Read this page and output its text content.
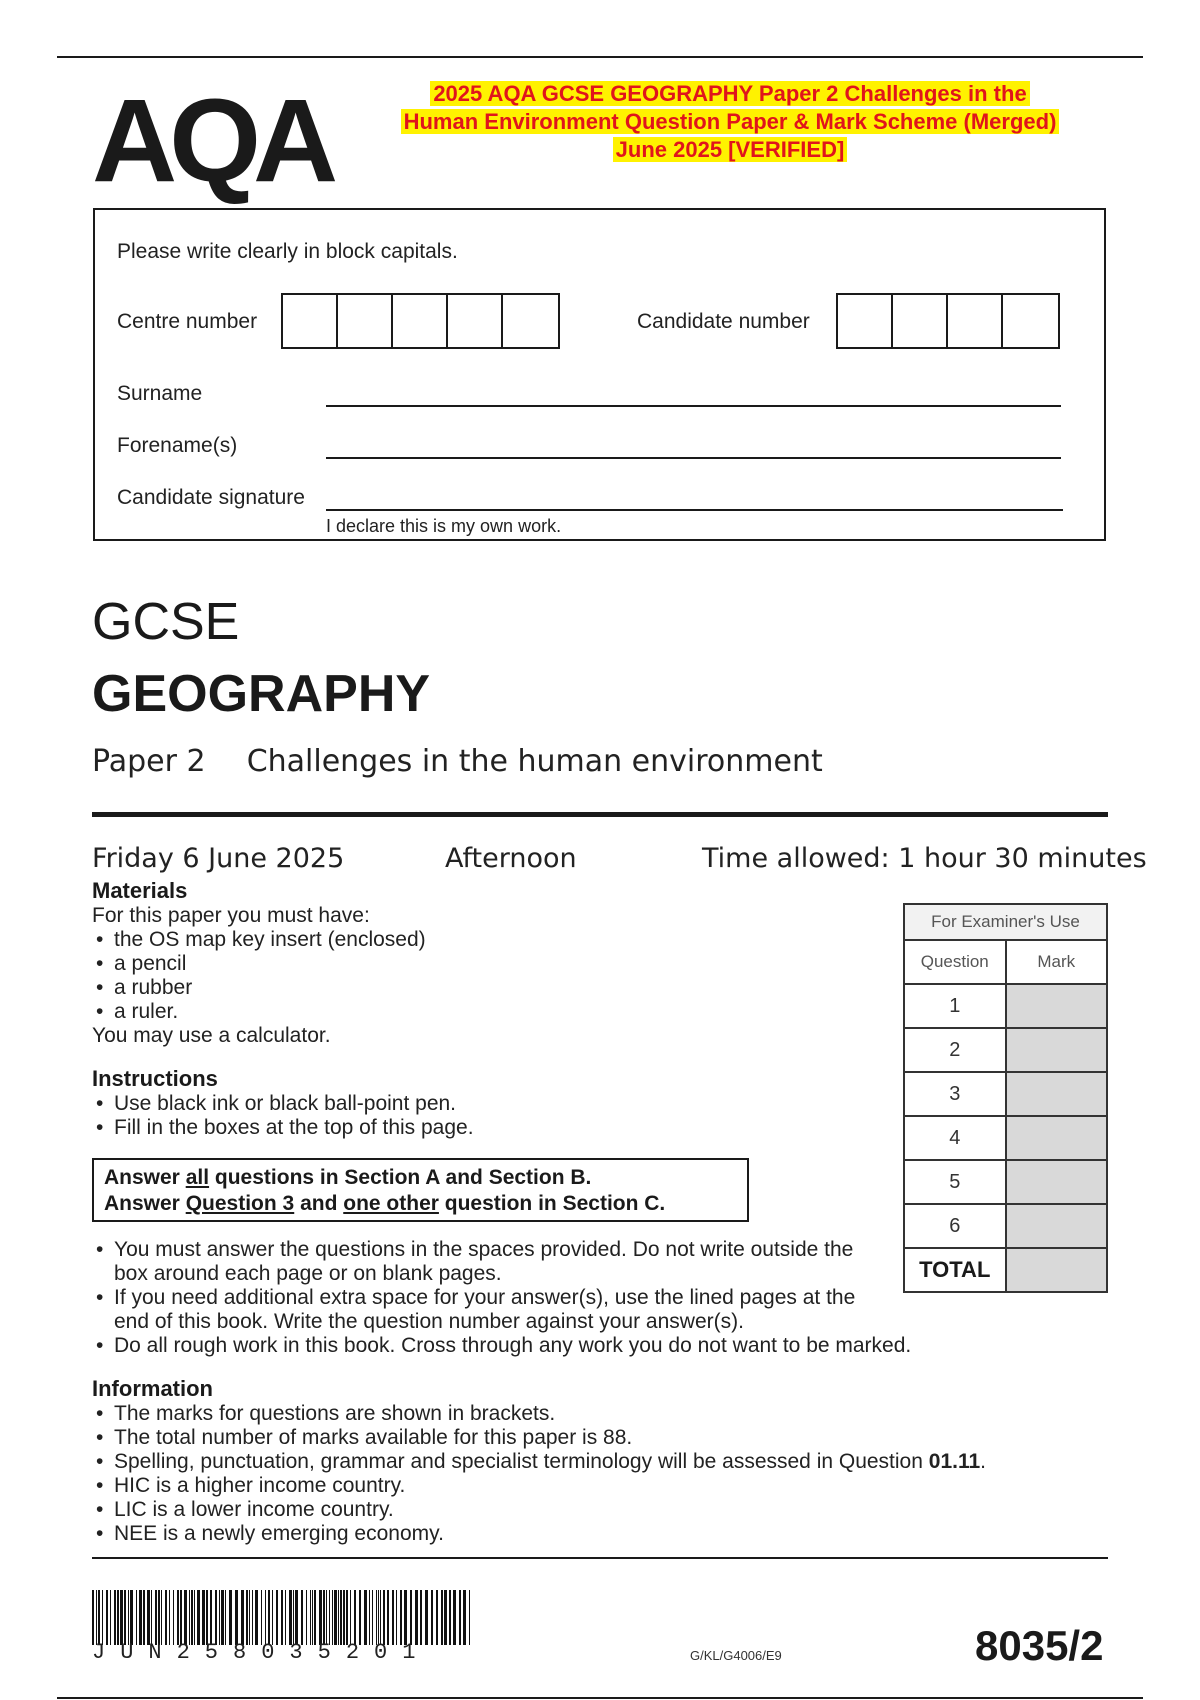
AQA	2025 AQA GCSE GEOGRAPHY Paper 2 Challenges in the
Human Environment Question Paper & Mark Scheme (Merged)
June 2025 [VERIFIED]
Please write clearly in block capitals.
Centre number	Candidate number
Surname
Forename(s)
Candidate signature
I declare this is my own work.
GCSE
GEOGRAPHY
Paper 2 Challenges in the human environment
Friday 6 June 2025	Afternoon	Time allowed: 1 hour 30 minutes
Materials
For this paper you must have:
• the OS map key insert (enclosed)
• a pencil
• a rubber
• a ruler.
You may use a calculator.
Instructions
• Use black ink or black ball-point pen.
• Fill in the boxes at the top of this page.
Answer all questions in Section A and Section B.
Answer Question 3 and one other question in Section C.
• You must answer the questions in the spaces provided. Do not write outside the box around each page or on blank pages.
• If you need additional extra space for your answer(s), use the lined pages at the end of this book. Write the question number against your answer(s).
• Do all rough work in this book. Cross through any work you do not want to be marked.
Information
• The marks for questions are shown in brackets.
• The total number of marks available for this paper is 88.
• Spelling, punctuation, grammar and specialist terminology will be assessed in Question 01.11.
• HIC is a higher income country.
• LIC is a lower income country.
• NEE is a newly emerging economy.
For Examiner's Use	
Question	Mark
1	
2	
3	
4	
5	
6	
TOTAL	
JUN258035201	G/KL/G4006/E9	8035/2
